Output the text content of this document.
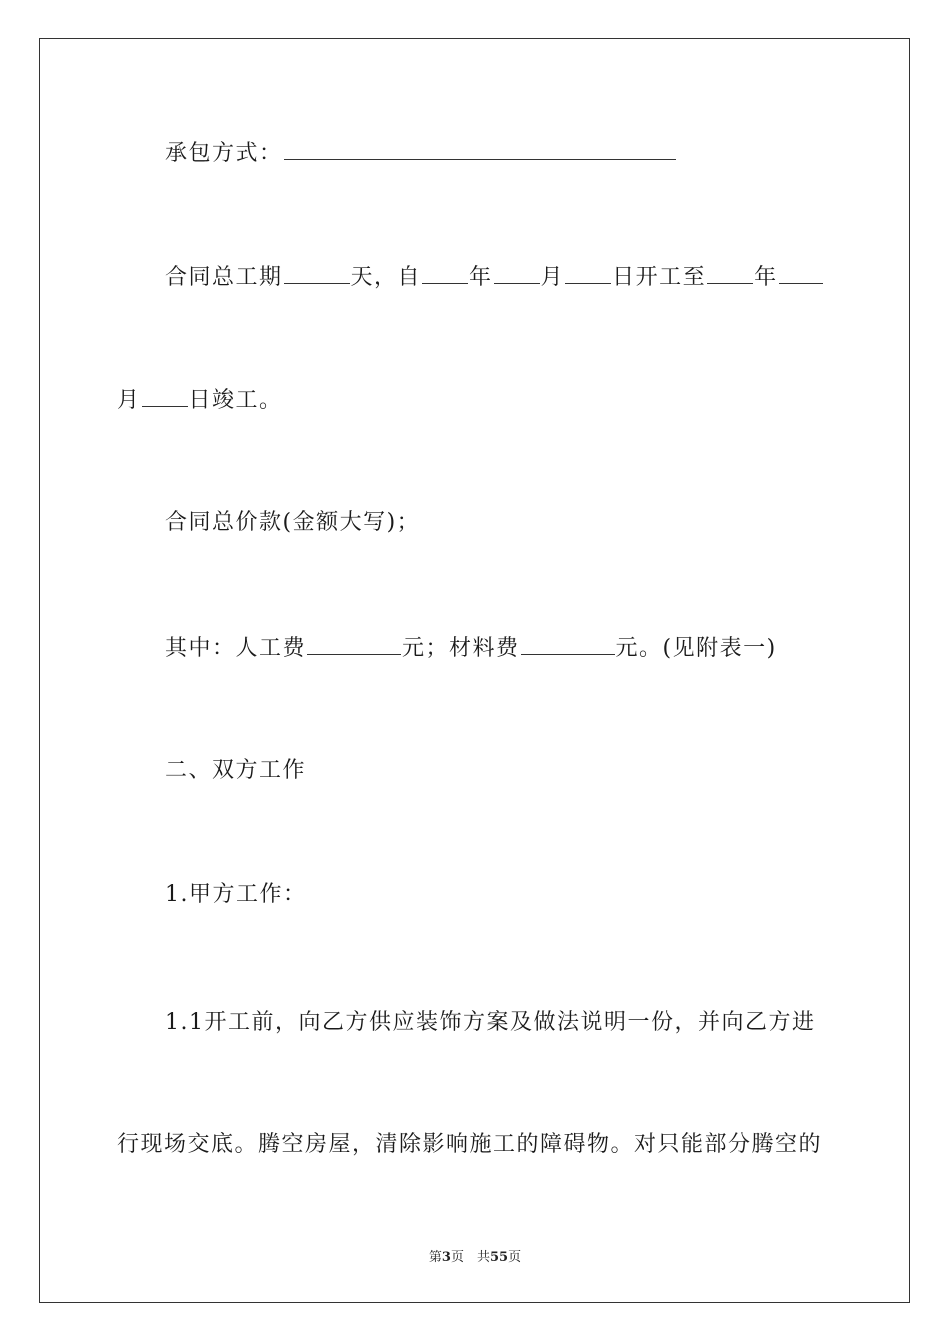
承包方式：
合同总工期	天，自 年 月 日开工至 年
月 日竣工。
合同总价款(金额大写)；
其中：人工费	元；材料费	元。(见附表一)
二、双方工作
1.甲方工作：
1.1开工前，向乙方供应装饰方案及做法说明一份，并向乙方进
行现场交底。腾空房屋，清除影响施工的障碍物。对只能部分腾空的
第3页　共55页
